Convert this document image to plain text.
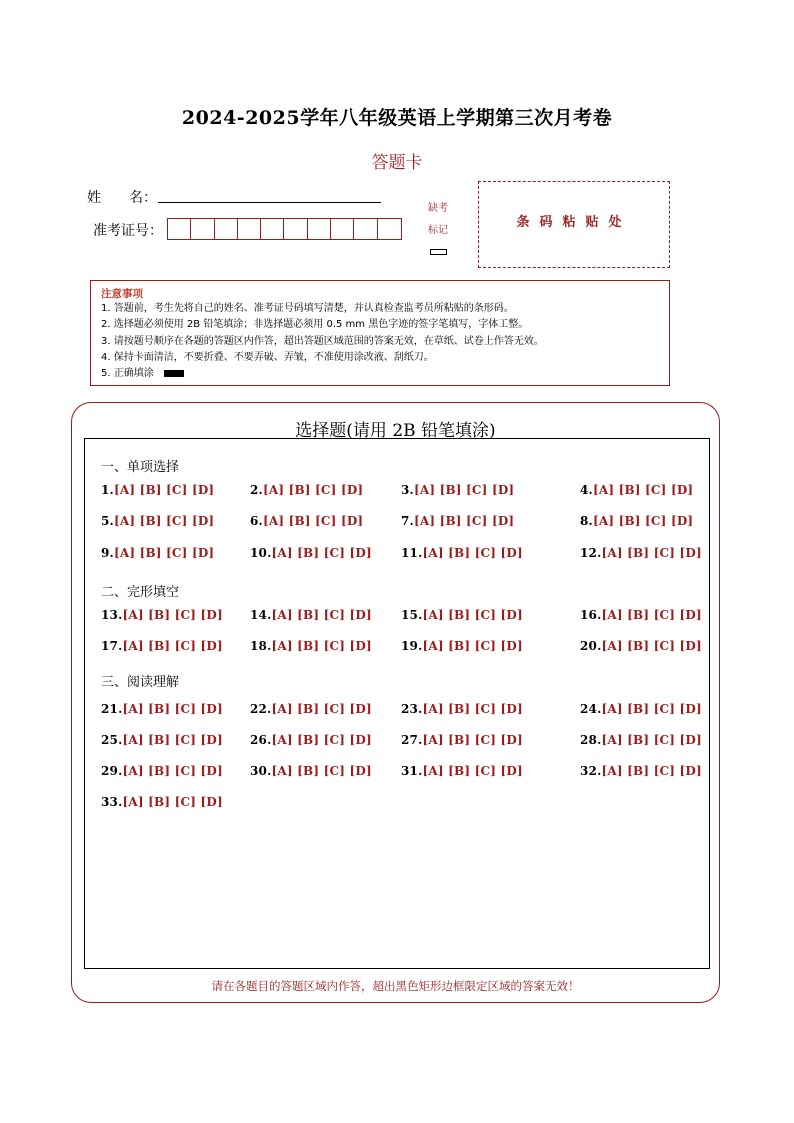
2024-2025学年八年级英语上学期第三次月考卷
答题卡
姓　　名：
准考证号：
缺考
标记
条码粘贴处
注意事项
1. 答题前，考生先将自己的姓名、准考证号码填写清楚，并认真检查监考员所粘贴的条形码。
2. 选择题必须使用 2B 铅笔填涂；非选择题必须用 0.5 mm 黑色字迹的签字笔填写，字体工整。
3. 请按题号顺序在各题的答题区内作答，超出答题区域范围的答案无效，在草纸、试卷上作答无效。
4. 保持卡面清洁，不要折叠、不要弄破、弄皱，不准使用涂改液、刮纸刀。
5. 正确填涂
选择题(请用 2B 铅笔填涂)
一、单项选择
1.[A] [B] [C] [D]	2.[A] [B] [C] [D]	3.[A] [B] [C] [D]	4.[A] [B] [C] [D]
5.[A] [B] [C] [D]	6.[A] [B] [C] [D]	7.[A] [B] [C] [D]	8.[A] [B] [C] [D]
9.[A] [B] [C] [D]	10.[A] [B] [C] [D] 11.[A] [B] [C] [D]	12.[A] [B] [C] [D]
二、完形填空
13.[A] [B] [C] [D] 14.[A] [B] [C] [D] 15.[A] [B] [C] [D]	16.[A] [B] [C] [D]
17.[A] [B] [C] [D] 18.[A] [B] [C] [D] 19.[A] [B] [C] [D]	20.[A] [B] [C] [D]
三、阅读理解
21.[A] [B] [C] [D] 22.[A] [B] [C] [D] 23.[A] [B] [C] [D]	24.[A] [B] [C] [D]
25.[A] [B] [C] [D] 26.[A] [B] [C] [D] 27.[A] [B] [C] [D]	28.[A] [B] [C] [D]
29.[A] [B] [C] [D] 30.[A] [B] [C] [D] 31.[A] [B] [C] [D]	32.[A] [B] [C] [D]
33.[A] [B] [C] [D]
请在各题目的答题区域内作答，超出黑色矩形边框限定区域的答案无效！
